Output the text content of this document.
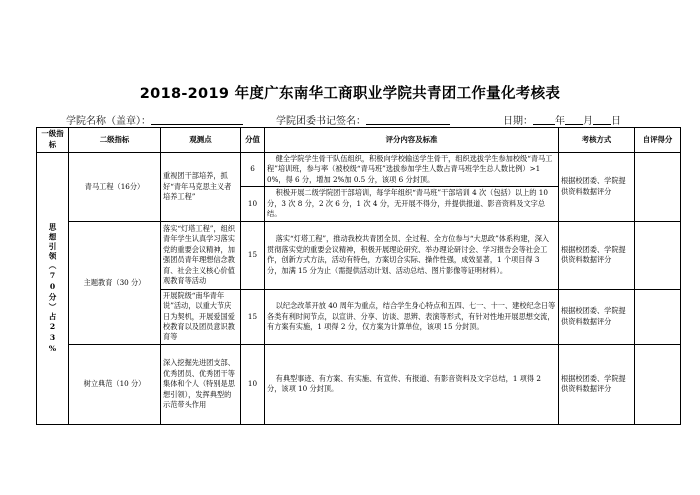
2018-2019 年度广东南华工商职业学院共青团工作量化考核表
学院名称（盖章）：	学院团委书记签名：	日期： 年 月 日
一级指标	二级指标	观测点	分值	评分内容及标准	考核方式	自评得分

思想引领（70分）占23%	青马工程（16分）	重视团干部培养，抓好“青年马克思主义者培养工程”	6	健全学院学生骨干队伍组织，积极向学校输送学生骨干，组织选拔学生参加校级“青马工程”培训班，参与率（被校级“青马班”选拔参加学生人数占青马班学生总人数比例）>10%，得 6 分，增加 2%加 0.5 分，该项 6 分封顶。	根据校团委、学院提供资料数据评分	
			10	积极开展二级学院团干部培训，每学年组织“青马班”干部培训 4 次（包括）以上的 10 分，3 次 8 分，2 次 6 分，1 次 4 分，无开展不得分，并提供报道、影音资料及文字总结。		
	主题教育（30 分）	落实“灯塔工程”，组织青年学生认真学习落实党的重要会议精神，加强团员青年理想信念教育、社会主义核心价值观教育等活动	15	落实“灯塔工程”，推动我校共青团全员、全过程、全方位参与“大思政”体系构建，深入贯彻落实党的重要会议精神，积极开展理论研究、举办理论研讨会、学习报告会等社会工作，创新方式方法，活动有特色，方案切合实际、操作性强，成效显著，1 个项目得 3 分，加满 15 分为止（需提供活动计划、活动总结、图片影像等证明材料）。	根据校团委、学院提供资料数据评分	
		开展院级“南华青年说”活动，以重大节庆日为契机，开展爱国爱校教育以及团员意识教育等	15	以纪念改革开放 40 周年为重点，结合学生身心特点和五四、七一、十一、建校纪念日等各类有利时间节点，以宣讲、分享、访谈、思辨、表演等形式，有针对性地开展思想交流，有方案有实施，1 项得 2 分，仅方案为计算单位，该项 15 分封顶。	根据校团委、学院提供资料数据评分	
	树立典范（10 分）	深入挖掘先进团支部、优秀团员、优秀团干等集体和个人（特别是思想引领），发挥典型的示范带头作用	10	有典型事迹、有方案、有实施、有宣传、有报道、有影音资料及文字总结，1 项得 2 分，该项 10 分封顶。	根据校团委、学院提供资料数据评分	
